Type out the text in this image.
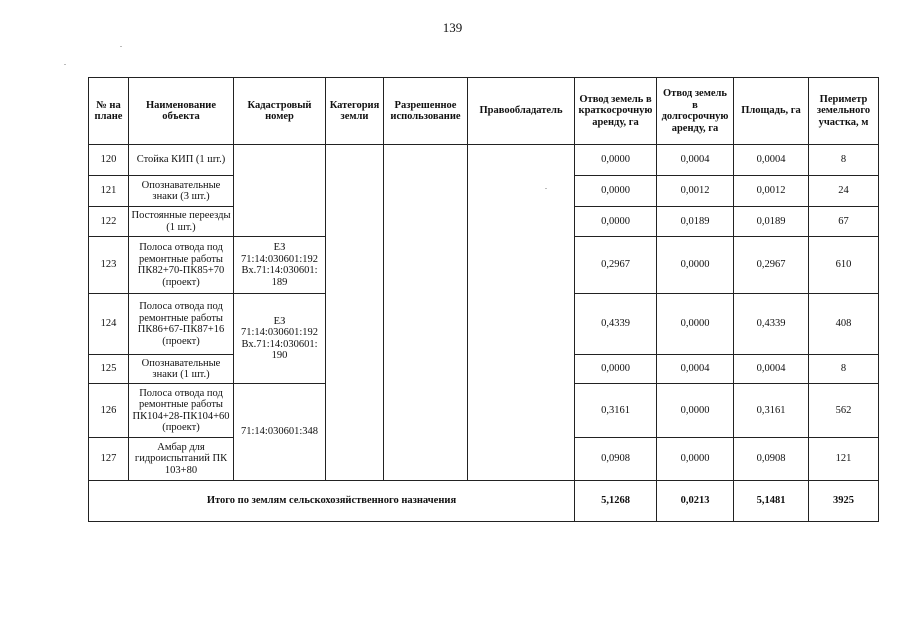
139
№ на плане	Наименование объекта	Кадастровый номер	Категория земли	Разрешенное использование	Правообладатель	Отвод земель в краткосрочную аренду, га	Отвод земель в долгосрочную аренду, га	Площадь, га	Периметр земельного участка, м
120	Стойка КИП (1 шт.)					0,0000	0,0004	0,0004	8
121	Опознавательные знаки (3 шт.)					0,0000	0,0012	0,0012	24
122	Постоянные переезды (1 шт.)					0,0000	0,0189	0,0189	67
123	Полоса отвода под ремонтные работы ПК82+70-ПК85+70 (проект)	ЕЗ 71:14:030601:192 Вх.71:14:030601: 189				0,2967	0,0000	0,2967	610
124	Полоса отвода под ремонтные работы ПК86+67-ПК87+16 (проект)	ЕЗ 71:14:030601:192 Вх.71:14:030601: 190				0,4339	0,0000	0,4339	408
125	Опознавательные знаки (1 шт.)					0,0000	0,0004	0,0004	8
126	Полоса отвода под ремонтные работы ПК104+28-ПК104+60 (проект)	71:14:030601:348				0,3161	0,0000	0,3161	562
127	Амбар для гидроиспытаний ПК 103+80					0,0908	0,0000	0,0908	121
Итого по землям сельскохозяйственного назначения						5,1268	0,0213	5,1481	3925
